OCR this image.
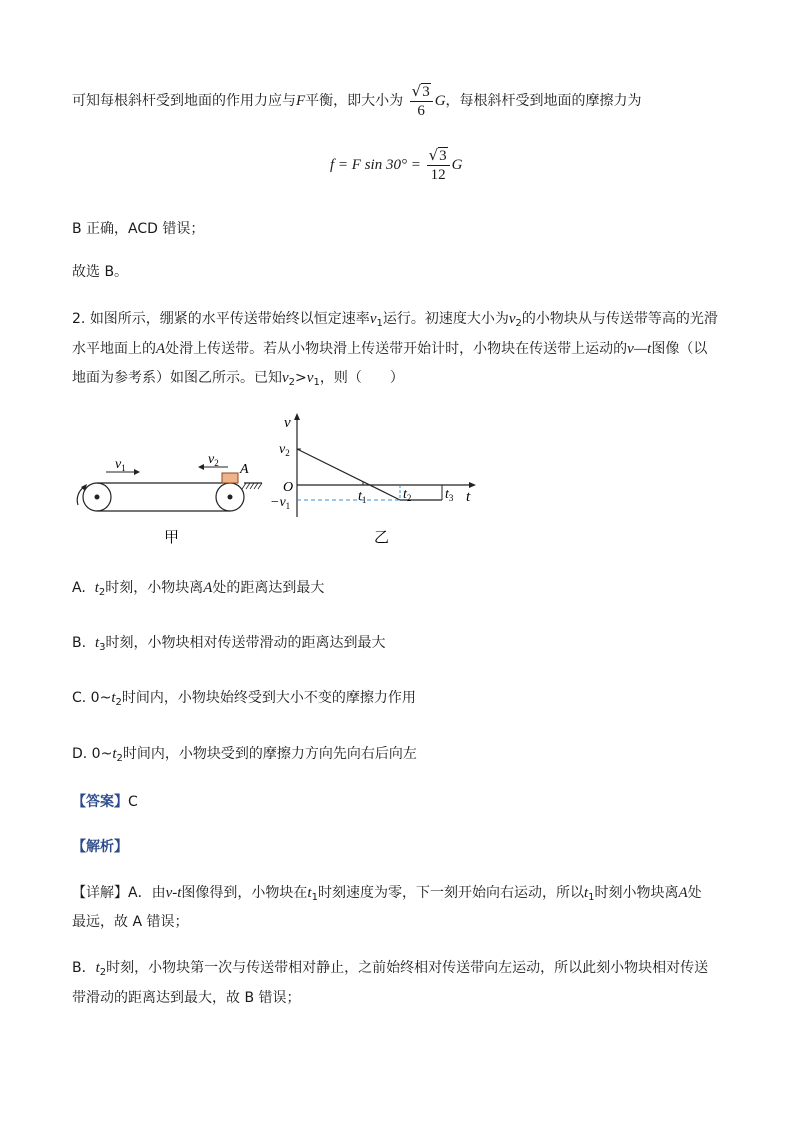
可知每根斜杆受到地面的作用力应与F平衡，即大小为 $\frac{√3}{6}$ G，每根斜杆受到地面的摩擦力为
f = F $\sin 30^\circ = \frac{√3}{12}$ G
B 正确，ACD 错误；
故选 B。
2. 如图所示，绷紧的水平传送带始终以恒定速率$v_1$运行。初速度大小为$v_2$的小物块从与传送带等高的光滑
水平地面上的A处滑上传送带。若从小物块滑上传送带开始计时，小物块在传送带上运动的v—t图像（以
地面为参考系）如图乙所示。已知$v_2>v_1$，则（　　）
$v_1$
$v_2$ A
甲
v
t
O
$v_2$
$-v_1$
$t_1$	$t_2$ $t_3$
乙
A. $t_2$时刻，小物块离A处的距离达到最大
B. $t_3$时刻，小物块相对传送带滑动的距离达到最大
C. $0\sim t_2$时间内，小物块始终受到大小不变的摩擦力作用
D. $0\sim t_2$时间内，小物块受到的摩擦力方向先向右后向左
【答案】C
【解析】
【详解】A．由v-t图像得到，小物块在$t_1$时刻速度为零，下一刻开始向右运动，所以$t_1$时刻小物块离A处
最远，故 A 错误；
B．$t_2$时刻，小物块第一次与传送带相对静止，之前始终相对传送带向左运动，所以此刻小物块相对传送
带滑动的距离达到最大，故 B 错误；
